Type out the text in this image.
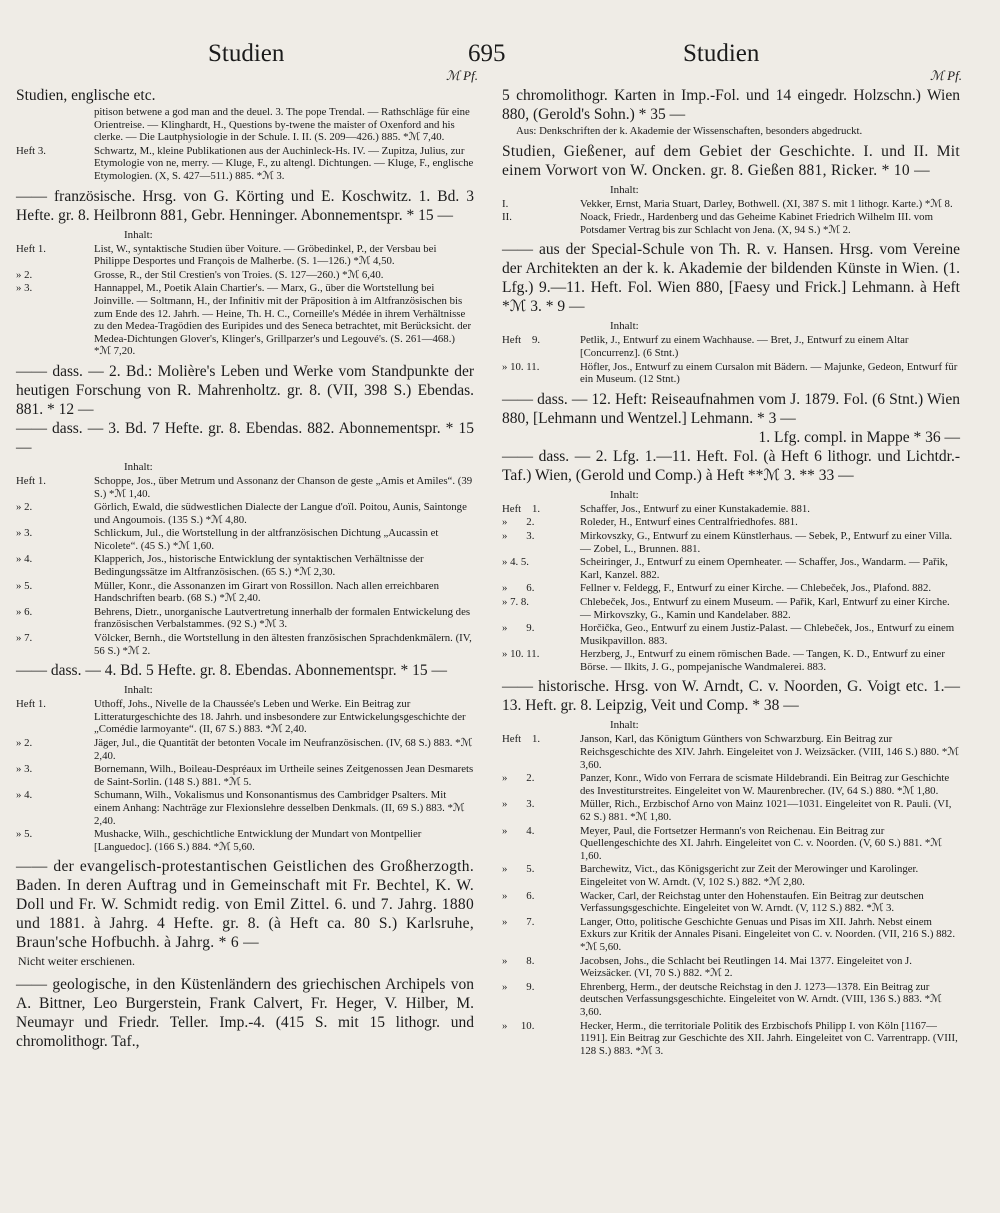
Studien	695	Studien
ℳ Pf.	ℳ Pf.

Studien, englische etc.

pitison betwene a god man and the deuel. 3. The pope Trendal. — Rathschläge für eine Orientreise. — Klinghardt, H., Questions by-twene the maister of Oxenford and his clerke. — Die Lautphysiologie in der Schule. I. II. (S. 209—426.) 885. *ℳ 7,40.
Heft 3.	Schwartz, M., kleine Publikationen aus der Auchinleck-Hs. IV. — Zupitza, Julius, zur Etymologie von ne, merry. — Kluge, F., zu altengl. Dichtungen. — Kluge, F., englische Etymologien. (X, S. 427—511.) 885. *ℳ 3.

—— französische. Hrsg. von G. Körting und E. Koschwitz. 1. Bd. 3 Hefte. gr. 8. Heilbronn 881, Gebr. Henninger. Abonnementspr. * 15 —

Inhalt:
Heft 1.	List, W., syntaktische Studien über Voiture. — Gröbedinkel, P., der Versbau bei Philippe Desportes und François de Malherbe. (S. 1—126.) *ℳ 4,50.
» 2.	Grosse, R., der Stil Crestien's von Troies. (S. 127—260.) *ℳ 6,40.
» 3.	Hannappel, M., Poetik Alain Chartier's. — Marx, G., über die Wortstellung bei Joinville. — Soltmann, H., der Infinitiv mit der Präposition à im Altfranzösischen bis zum Ende des 12. Jahrh. — Heine, Th. H. C., Corneille's Médée in ihrem Verhältnisse zu den Medea-Tragödien des Euripides und des Seneca betrachtet, mit Berücksicht. der Medea-Dichtungen Glover's, Klinger's, Grillparzer's und Legouvé's. (S. 261—468.) *ℳ 7,20.

—— dass. — 2. Bd.: Molière's Leben und Werke vom Standpunkte der heutigen Forschung von R. Mahrenholtz. gr. 8. (VII, 398 S.) Ebendas. 881. * 12 —

—— dass. — 3. Bd. 7 Hefte. gr. 8. Ebendas. 882. Abonnementspr. * 15 —

Inhalt:
Heft 1.	Schoppe, Jos., über Metrum und Assonanz der Chanson de geste „Amis et Amiles“. (39 S.) *ℳ 1,40.
» 2.	Görlich, Ewald, die südwestlichen Dialecte der Langue d'oïl. Poitou, Aunis, Saintonge und Angoumois. (135 S.) *ℳ 4,80.
» 3.	Schlickum, Jul., die Wortstellung in der altfranzösischen Dichtung „Aucassin et Nicolete“. (45 S.) *ℳ 1,60.
» 4.	Klapperich, Jos., historische Entwicklung der syntaktischen Verhältnisse der Bedingungssätze im Altfranzösischen. (65 S.) *ℳ 2,30.
» 5.	Müller, Konr., die Assonanzen im Girart von Rossillon. Nach allen erreichbaren Handschriften bearb. (68 S.) *ℳ 2,40.
» 6.	Behrens, Dietr., unorganische Lautvertretung innerhalb der formalen Entwickelung des französischen Verbalstammes. (92 S.) *ℳ 3.
» 7.	Völcker, Bernh., die Wortstellung in den ältesten französischen Sprachdenkmälern. (IV, 56 S.) *ℳ 2.

—— dass. — 4. Bd. 5 Hefte. gr. 8. Ebendas. Abonnementspr. * 15 —

Inhalt:
Heft 1.	Uthoff, Johs., Nivelle de la Chaussée's Leben und Werke. Ein Beitrag zur Litteraturgeschichte des 18. Jahrh. und insbesondere zur Entwickelungsgeschichte der „Comédie larmoyante“. (II, 67 S.) 883. *ℳ 2,40.
» 2.	Jäger, Jul., die Quantität der betonten Vocale im Neufranzösischen. (IV, 68 S.) 883. *ℳ 2,40.
» 3.	Bornemann, Wilh., Boileau-Despréaux im Urtheile seines Zeitgenossen Jean Desmarets de Saint-Sorlin. (148 S.) 881. *ℳ 5.
» 4.	Schumann, Wilh., Vokalismus und Konsonantismus des Cambridger Psalters. Mit einem Anhang: Nachträge zur Flexionslehre desselben Denkmals. (II, 69 S.) 883. *ℳ 2,40.
» 5.	Mushacke, Wilh., geschichtliche Entwicklung der Mundart von Montpellier [Languedoc]. (166 S.) 884. *ℳ 5,60.

—— der evangelisch-protestantischen Geistlichen des Großherzogth. Baden. In deren Auftrag und in Gemeinschaft mit Fr. Bechtel, K. W. Doll und Fr. W. Schmidt redig. von Emil Zittel. 6. und 7. Jahrg. 1880 und 1881. à Jahrg. 4 Hefte. gr. 8. (à Heft ca. 80 S.) Karlsruhe, Braun'sche Hofbuchh. à Jahrg. * 6 —

Nicht weiter erschienen.

—— geologische, in den Küstenländern des griechischen Archipels von A. Bittner, Leo Burgerstein, Frank Calvert, Fr. Heger, V. Hilber, M. Neumayr und Friedr. Teller. Imp.-4. (415 S. mit 15 lithogr. und chromolithogr. Taf.,

5 chromolithogr. Karten in Imp.-Fol. und 14 eingedr. Holzschn.) Wien 880, (Gerold's Sohn.) * 35 —

Aus: Denkschriften der k. Akademie der Wissenschaften, besonders abgedruckt.

Studien, Gießener, auf dem Gebiet der Geschichte. I. und II. Mit einem Vorwort von W. Oncken. gr. 8. Gießen 881, Ricker. * 10 —

Inhalt:
I.	Vekker, Ernst, Maria Stuart, Darley, Bothwell. (XI, 387 S. mit 1 lithogr. Karte.) *ℳ 8.
II.	Noack, Friedr., Hardenberg und das Geheime Kabinet Friedrich Wilhelm III. vom Potsdamer Vertrag bis zur Schlacht von Jena. (X, 94 S.) *ℳ 2.

—— aus der Special-Schule von Th. R. v. Hansen. Hrsg. vom Vereine der Architekten an der k. k. Akademie der bildenden Künste in Wien. (1. Lfg.) 9.—11. Heft. Fol. Wien 880, [Faesy und Frick.] Lehmann. à Heft *ℳ 3. * 9 —

Inhalt:
Heft    9.	Petlik, J., Entwurf zu einem Wachhause. — Bret, J., Entwurf zu einem Altar [Concurrenz]. (6 Stnt.)
» 10. 11.	Höfler, Jos., Entwurf zu einem Cursalon mit Bädern. — Majunke, Gedeon, Entwurf für ein Museum. (12 Stnt.)

—— dass. — 12. Heft: Reiseaufnahmen vom J. 1879. Fol. (6 Stnt.) Wien 880, [Lehmann und Wentzel.] Lehmann. * 3 —

1. Lfg. compl. in Mappe * 36 —

—— dass. — 2. Lfg. 1.—11. Heft. Fol. (à Heft 6 lithogr. und Lichtdr.-Taf.) Wien, (Gerold und Comp.) à Heft **ℳ 3. ** 33 —

Inhalt:
Heft    1.	Schaffer, Jos., Entwurf zu einer Kunstakademie. 881.
»       2.	Roleder, H., Entwurf eines Centralfriedhofes. 881.
»       3.	Mirkovszky, G., Entwurf zu einem Künstlerhaus. — Sebek, P., Entwurf zu einer Villa. — Zobel, L., Brunnen. 881.
» 4. 5.	Scheiringer, J., Entwurf zu einem Opernheater. — Schaffer, Jos., Wandarm. — Pařik, Karl, Kanzel. 882.
»       6.	Fellner v. Feldegg, F., Entwurf zu einer Kirche. — Chlebeček, Jos., Plafond. 882.
» 7. 8.	Chlebeček, Jos., Entwurf zu einem Museum. — Pařik, Karl, Entwurf zu einer Kirche. — Mirkovszky, G., Kamin und Kandelaber. 882.
»       9.	Horčička, Geo., Entwurf zu einem Justiz-Palast. — Chlebeček, Jos., Entwurf zu einem Musikpavillon. 883.
» 10. 11.	Herzberg, J., Entwurf zu einem römischen Bade. — Tangen, K. D., Entwurf zu einer Börse. — Ilkits, J. G., pompejanische Wandmalerei. 883.

—— historische. Hrsg. von W. Arndt, C. v. Noorden, G. Voigt etc. 1.—13. Heft. gr. 8. Leipzig, Veit und Comp. * 38 —

Inhalt:
Heft    1.	Janson, Karl, das Königtum Günthers von Schwarzburg. Ein Beitrag zur Reichsgeschichte des XIV. Jahrh. Eingeleitet von J. Weizsäcker. (VIII, 146 S.) 880. *ℳ 3,60.
»       2.	Panzer, Konr., Wido von Ferrara de scismate Hildebrandi. Ein Beitrag zur Geschichte des Investiturstreites. Eingeleitet von W. Maurenbrecher. (IV, 64 S.) 880. *ℳ 1,80.
»       3.	Müller, Rich., Erzbischof Arno von Mainz 1021—1031. Eingeleitet von R. Pauli. (VI, 62 S.) 881. *ℳ 1,80.
»       4.	Meyer, Paul, die Fortsetzer Hermann's von Reichenau. Ein Beitrag zur Quellengeschichte des XI. Jahrh. Eingeleitet von C. v. Noorden. (V, 60 S.) 881. *ℳ 1,60.
»       5.	Barchewitz, Vict., das Königsgericht zur Zeit der Merowinger und Karolinger. Eingeleitet von W. Arndt. (V, 102 S.) 882. *ℳ 2,80.
»       6.	Wacker, Carl, der Reichstag unter den Hohenstaufen. Ein Beitrag zur deutschen Verfassungsgeschichte. Eingeleitet von W. Arndt. (V, 112 S.) 882. *ℳ 3.
»       7.	Langer, Otto, politische Geschichte Genuas und Pisas im XII. Jahrh. Nebst einem Exkurs zur Kritik der Annales Pisani. Eingeleitet von C. v. Noorden. (VII, 216 S.) 882. *ℳ 5,60.
»       8.	Jacobsen, Johs., die Schlacht bei Reutlingen 14. Mai 1377. Eingeleitet von J. Weizsäcker. (VI, 70 S.) 882. *ℳ 2.
»       9.	Ehrenberg, Herm., der deutsche Reichstag in den J. 1273—1378. Ein Beitrag zur deutschen Verfassungsgeschichte. Eingeleitet von W. Arndt. (VIII, 136 S.) 883. *ℳ 3,60.
»     10.	Hecker, Herm., die territoriale Politik des Erzbischofs Philipp I. von Köln [1167—1191]. Ein Beitrag zur Geschichte des XII. Jahrh. Eingeleitet von C. Varrentrapp. (VIII, 128 S.) 883. *ℳ 3.
